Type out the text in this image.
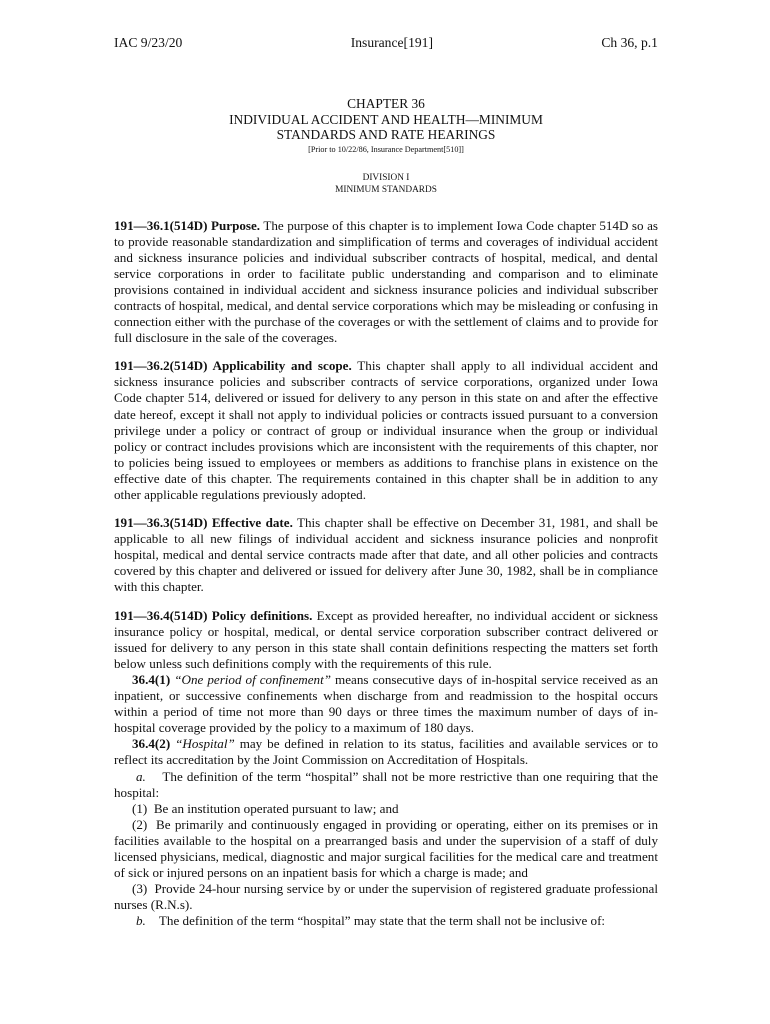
IAC 9/23/20	Insurance[191]	Ch 36, p.1
CHAPTER 36
INDIVIDUAL ACCIDENT AND HEALTH—MINIMUM
STANDARDS AND RATE HEARINGS
[Prior to 10/22/86, Insurance Department[510]]
DIVISION I
MINIMUM STANDARDS

191—36.1(514D) Purpose. The purpose of this chapter is to implement Iowa Code chapter 514D so as to provide reasonable standardization and simplification of terms and coverages of individual accident and sickness insurance policies and individual subscriber contracts of hospital, medical, and dental service corporations in order to facilitate public understanding and comparison and to eliminate provisions contained in individual accident and sickness insurance policies and individual subscriber contracts of hospital, medical, and dental service corporations which may be misleading or confusing in connection either with the purchase of the coverages or with the settlement of claims and to provide for full disclosure in the sale of the coverages.

191—36.2(514D) Applicability and scope. This chapter shall apply to all individual accident and sickness insurance policies and subscriber contracts of service corporations, organized under Iowa Code chapter 514, delivered or issued for delivery to any person in this state on and after the effective date hereof, except it shall not apply to individual policies or contracts issued pursuant to a conversion privilege under a policy or contract of group or individual insurance when the group or individual policy or contract includes provisions which are inconsistent with the requirements of this chapter, nor to policies being issued to employees or members as additions to franchise plans in existence on the effective date of this chapter. The requirements contained in this chapter shall be in addition to any other applicable regulations previously adopted.

191—36.3(514D) Effective date. This chapter shall be effective on December 31, 1981, and shall be applicable to all new filings of individual accident and sickness insurance policies and nonprofit hospital, medical and dental service contracts made after that date, and all other policies and contracts covered by this chapter and delivered or issued for delivery after June 30, 1982, shall be in compliance with this chapter.

191—36.4(514D) Policy definitions. Except as provided hereafter, no individual accident or sickness insurance policy or hospital, medical, or dental service corporation subscriber contract delivered or issued for delivery to any person in this state shall contain definitions respecting the matters set forth below unless such definitions comply with the requirements of this rule.

36.4(1) “One period of confinement” means consecutive days of in-hospital service received as an inpatient, or successive confinements when discharge from and readmission to the hospital occurs within a period of time not more than 90 days or three times the maximum number of days of in-hospital coverage provided by the policy to a maximum of 180 days.

36.4(2) “Hospital” may be defined in relation to its status, facilities and available services or to reflect its accreditation by the Joint Commission on Accreditation of Hospitals.

a. The definition of the term “hospital” shall not be more restrictive than one requiring that the hospital:

(1) Be an institution operated pursuant to law; and

(2) Be primarily and continuously engaged in providing or operating, either on its premises or in facilities available to the hospital on a prearranged basis and under the supervision of a staff of duly licensed physicians, medical, diagnostic and major surgical facilities for the medical care and treatment of sick or injured persons on an inpatient basis for which a charge is made; and

(3) Provide 24-hour nursing service by or under the supervision of registered graduate professional nurses (R.N.s).

b. The definition of the term “hospital” may state that the term shall not be inclusive of:
